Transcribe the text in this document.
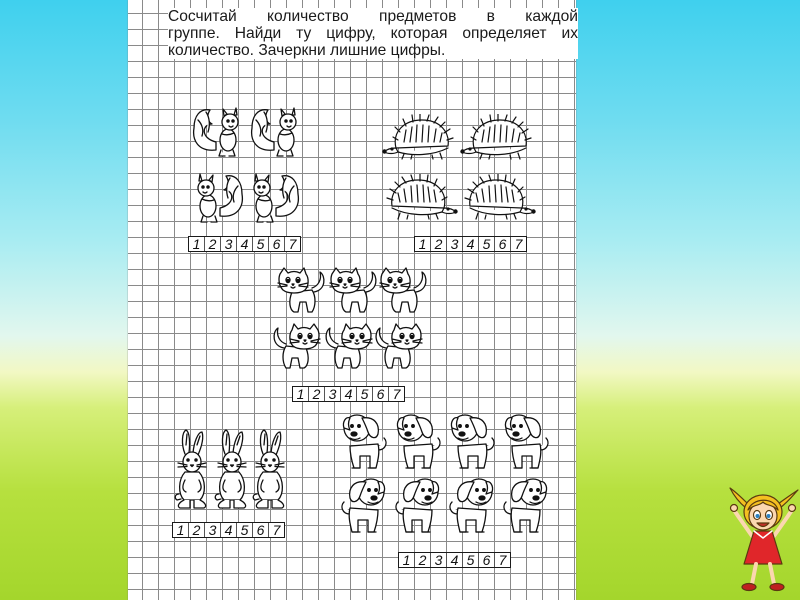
Сосчитай количество предметов в каждой
группе. Найди ту цифру, которая определяет их
количество. Зачеркни лишние цифры.
1 2 3 4 5 6 7	1 2 3 4 5 6 7
1 2 3 4 5 6 7
1 2 3 4 5 6 7
1 2 3 4 5 6 7
